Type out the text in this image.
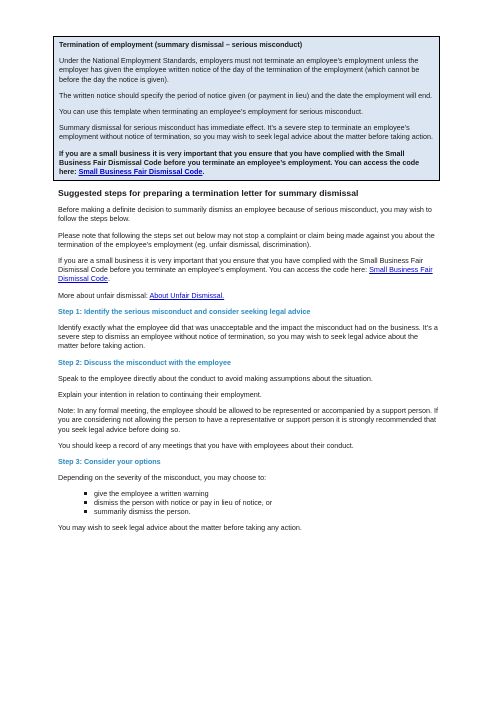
Termination of employment (summary dismissal – serious misconduct)

Under the National Employment Standards, employers must not terminate an employee’s employment unless the employer has given the employee written notice of the day of the termination of the employment (which cannot be before the day the notice is given).

The written notice should specify the period of notice given (or payment in lieu) and the date the employment will end.

You can use this template when terminating an employee’s employment for serious misconduct.

Summary dismissal for serious misconduct has immediate effect. It’s a severe step to terminate an employee’s employment without notice of termination, so you may wish to seek legal advice about the matter before taking action.

If you are a small business it is very important that you ensure that you have complied with the Small Business Fair Dismissal Code before you terminate an employee’s employment. You can access the code here: Small Business Fair Dismissal Code.

Suggested steps for preparing a termination letter for summary dismissal

Before making a definite decision to summarily dismiss an employee because of serious misconduct, you may wish to follow the steps below.

Please note that following the steps set out below may not stop a complaint or claim being made against you about the termination of the employee’s employment (eg. unfair dismissal, discrimination).

If you are a small business it is very important that you ensure that you have complied with the Small Business Fair Dismissal Code before you terminate an employee’s employment. You can access the code here: Small Business Fair Dismissal Code.

More about unfair dismissal: About Unfair Dismissal.

Step 1: Identify the serious misconduct and consider seeking legal advice

Identify exactly what the employee did that was unacceptable and the impact the misconduct had on the business. It’s a severe step to dismiss an employee without notice of termination, so you may wish to seek legal advice about the matter before taking action.

Step 2: Discuss the misconduct with the employee

Speak to the employee directly about the conduct to avoid making assumptions about the situation.

Explain your intention in relation to continuing their employment.

Note: In any formal meeting, the employee should be allowed to be represented or accompanied by a support person. If you are considering not allowing the person to have a representative or support person it is strongly recommended that you seek legal advice before doing so.

You should keep a record of any meetings that you have with employees about their conduct.

Step 3: Consider your options

Depending on the severity of the misconduct, you may choose to:

give the employee a written warning
dismiss the person with notice or pay in lieu of notice, or
summarily dismiss the person.

You may wish to seek legal advice about the matter before taking any action.
